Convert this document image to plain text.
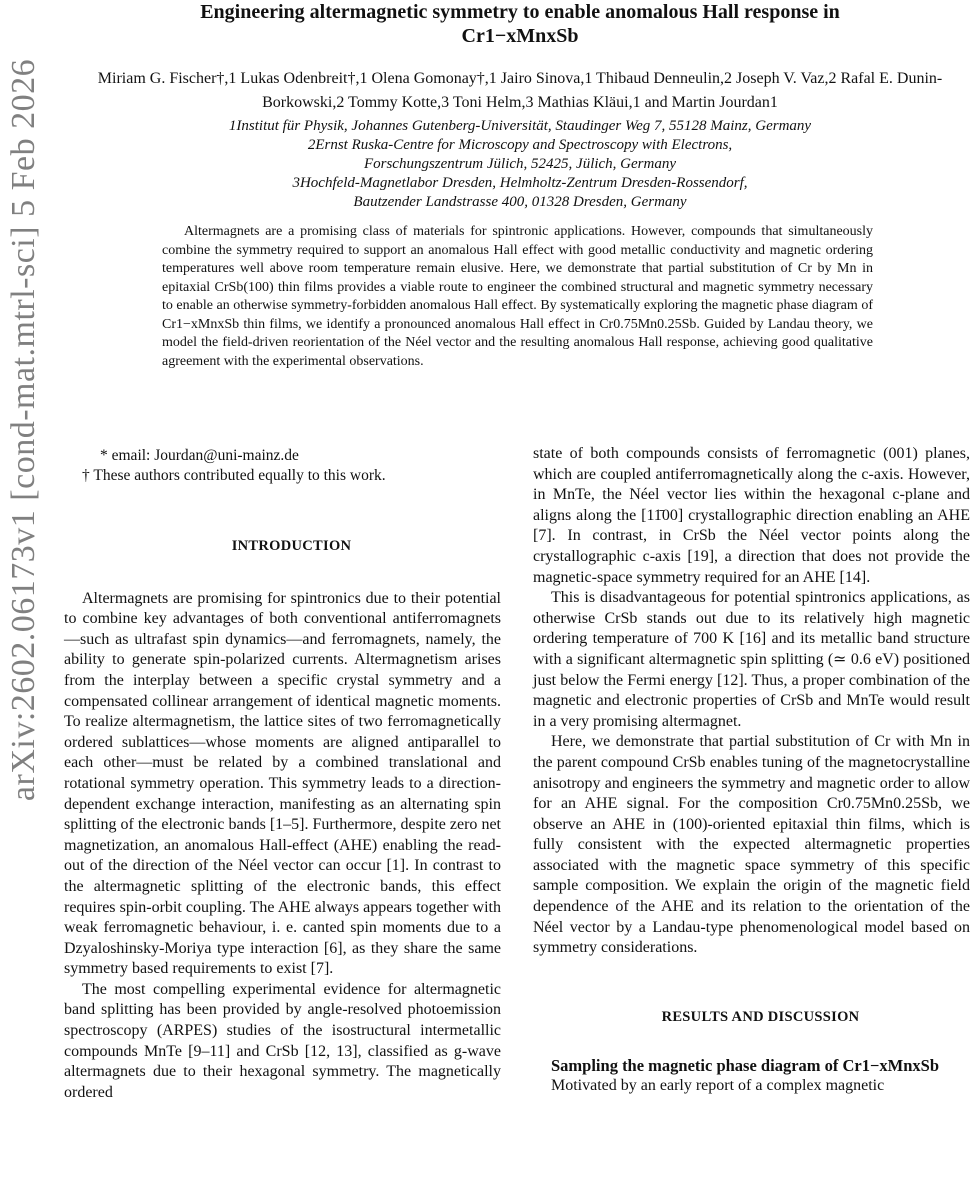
arXiv:2602.06173v1 [cond-mat.mtrl-sci] 5 Feb 2026
Engineering altermagnetic symmetry to enable anomalous Hall response in
Cr1−xMnxSb

Miriam G. Fischer†,1 Lukas Odenbreit†,1 Olena Gomonay†,1 Jairo Sinova,1 Thibaud Denneulin,2 Joseph V. Vaz,2 Rafal E. Dunin-Borkowski,2 Tommy Kotte,3 Toni Helm,3 Mathias Kläui,1 and Martin Jourdan1

1Institut für Physik, Johannes Gutenberg-Universität, Staudinger Weg 7, 55128 Mainz, Germany
2Ernst Ruska-Centre for Microscopy and Spectroscopy with Electrons,
Forschungszentrum Jülich, 52425, Jülich, Germany
3Hochfeld-Magnetlabor Dresden, Helmholtz-Zentrum Dresden-Rossendorf,
Bautzender Landstrasse 400, 01328 Dresden, Germany

Altermagnets are a promising class of materials for spintronic applications. However, compounds that simultaneously combine the symmetry required to support an anomalous Hall effect with good metallic conductivity and magnetic ordering temperatures well above room temperature remain elusive. Here, we demonstrate that partial substitution of Cr by Mn in epitaxial CrSb(100) thin films provides a viable route to engineer the combined structural and magnetic symmetry necessary to enable an otherwise symmetry-forbidden anomalous Hall effect. By systematically exploring the magnetic phase diagram of Cr1−xMnxSb thin films, we identify a pronounced anomalous Hall effect in Cr0.75Mn0.25Sb. Guided by Landau theory, we model the field-driven reorientation of the Néel vector and the resulting anomalous Hall response, achieving good qualitative agreement with the experimental observations.

* email: Jourdan@uni-mainz.de

† These authors contributed equally to this work.

INTRODUCTION

Altermagnets are promising for spintronics due to their potential to combine key advantages of both conventional antiferromagnets—such as ultrafast spin dynamics—and ferromagnets, namely, the ability to generate spin-polarized currents. Altermagnetism arises from the interplay between a specific crystal symmetry and a compensated collinear arrangement of identical magnetic moments. To realize altermagnetism, the lattice sites of two ferromagnetically ordered sublattices—whose moments are aligned antiparallel to each other—must be related by a combined translational and rotational symmetry operation. This symmetry leads to a direction-dependent exchange interaction, manifesting as an alternating spin splitting of the electronic bands [1–5]. Furthermore, despite zero net magnetization, an anomalous Hall-effect (AHE) enabling the read-out of the direction of the Néel vector can occur [1]. In contrast to the altermagnetic splitting of the electronic bands, this effect requires spin-orbit coupling. The AHE always appears together with weak ferromagnetic behaviour, i. e. canted spin moments due to a Dzyaloshinsky-Moriya type interaction [6], as they share the same symmetry based requirements to exist [7].

The most compelling experimental evidence for altermagnetic band splitting has been provided by angle-resolved photoemission spectroscopy (ARPES) studies of the isostructural intermetallic compounds MnTe [9–11] and CrSb [12, 13], classified as g-wave altermagnets due to their hexagonal symmetry. The magnetically ordered

state of both compounds consists of ferromagnetic (001) planes, which are coupled antiferromagnetically along the c-axis. However, in MnTe, the Néel vector lies within the hexagonal c-plane and aligns along the [11̄00] crystallographic direction enabling an AHE [7]. In contrast, in CrSb the Néel vector points along the crystallographic c-axis [19], a direction that does not provide the magnetic-space symmetry required for an AHE [14].

This is disadvantageous for potential spintronics applications, as otherwise CrSb stands out due to its relatively high magnetic ordering temperature of 700 K [16] and its metallic band structure with a significant altermagnetic spin splitting (≃ 0.6 eV) positioned just below the Fermi energy [12]. Thus, a proper combination of the magnetic and electronic properties of CrSb and MnTe would result in a very promising altermagnet.

Here, we demonstrate that partial substitution of Cr with Mn in the parent compound CrSb enables tuning of the magnetocrystalline anisotropy and engineers the symmetry and magnetic order to allow for an AHE signal. For the composition Cr0.75Mn0.25Sb, we observe an AHE in (100)-oriented epitaxial thin films, which is fully consistent with the expected altermagnetic properties associated with the magnetic space symmetry of this specific sample composition. We explain the origin of the magnetic field dependence of the AHE and its relation to the orientation of the Néel vector by a Landau-type phenomenological model based on symmetry considerations.

RESULTS AND DISCUSSION

Sampling the magnetic phase diagram of Cr1−xMnxSb

Motivated by an early report of a complex magnetic
